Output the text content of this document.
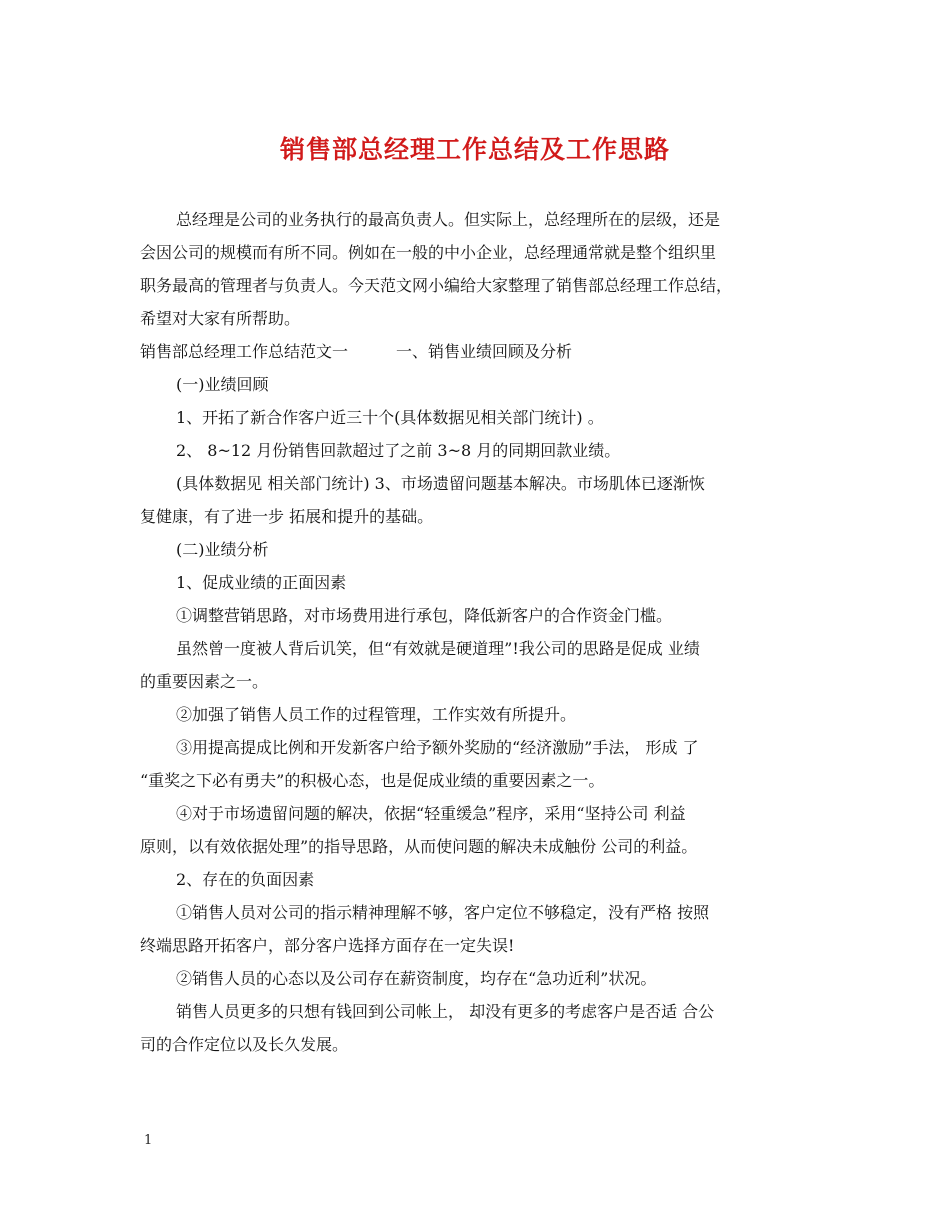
销售部总经理工作总结及工作思路
总经理是公司的业务执行的最高负责人。但实际上，总经理所在的层级，还是
会因公司的规模而有所不同。例如在一般的中小企业，总经理通常就是整个组织里
职务最高的管理者与负责人。今天范文网小编给大家整理了销售部总经理工作总结，
希望对大家有所帮助。
销售部总经理工作总结范文一　　　一、销售业绩回顾及分析
(一)业绩回顾
1、开拓了新合作客户近三十个(具体数据见相关部门统计) 。
2、 8~12 月份销售回款超过了之前 3~8 月的同期回款业绩。
(具体数据见 相关部门统计) 3、市场遗留问题基本解决。市场肌体已逐渐恢
复健康，有了进一步 拓展和提升的基础。
(二)业绩分析
1、促成业绩的正面因素
①调整营销思路，对市场费用进行承包，降低新客户的合作资金门槛。
虽然曾一度被人背后讥笑，但“有效就是硬道理”!我公司的思路是促成 业绩
的重要因素之一。
②加强了销售人员工作的过程管理，工作实效有所提升。
③用提高提成比例和开发新客户给予额外奖励的“经济激励”手法， 形成 了
“重奖之下必有勇夫”的积极心态，也是促成业绩的重要因素之一。
④对于市场遗留问题的解决，依据“轻重缓急”程序，采用“坚持公司 利益
原则，以有效依据处理”的指导思路，从而使问题的解决未成触份 公司的利益。
2、存在的负面因素
①销售人员对公司的指示精神理解不够，客户定位不够稳定，没有严格 按照
终端思路开拓客户，部分客户选择方面存在一定失误!
②销售人员的心态以及公司存在薪资制度，均存在“急功近利”状况。
销售人员更多的只想有钱回到公司帐上， 却没有更多的考虑客户是否适 合公
司的合作定位以及长久发展。
1
